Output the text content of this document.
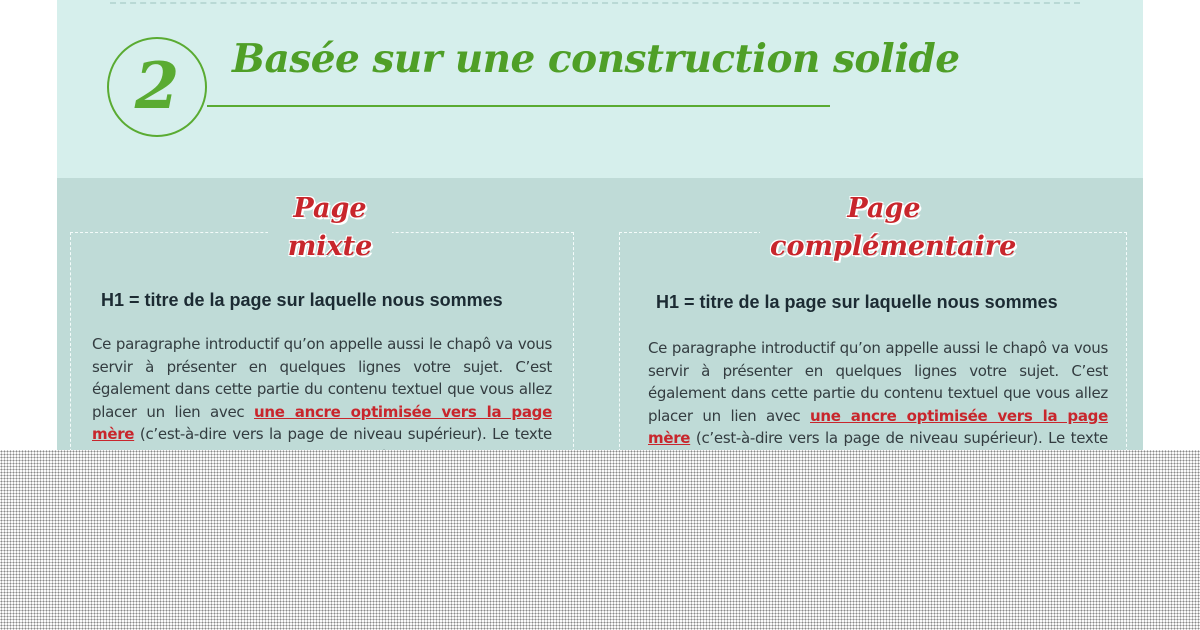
2 Basée sur une construction solide
Page
mixte
Page
complémentaire
H1 = titre de la page sur laquelle nous sommes	H1 = titre de la page sur laquelle nous sommes
Ce paragraphe introductif qu’on appelle aussi le chapô va vous servir à présenter en quelques lignes votre sujet. C’est également dans cette partie du contenu textuel que vous allez placer un lien avec une ancre optimisée vers la page mère (c’est-à-dire vers la page de niveau supérieur). Le texte
Ce paragraphe introductif qu’on appelle aussi le chapô va vous servir à présenter en quelques lignes votre sujet. C’est également dans cette partie du contenu textuel que vous allez placer un lien avec une ancre optimisée vers la page mère (c’est-à-dire vers la page de niveau supérieur). Le texte
